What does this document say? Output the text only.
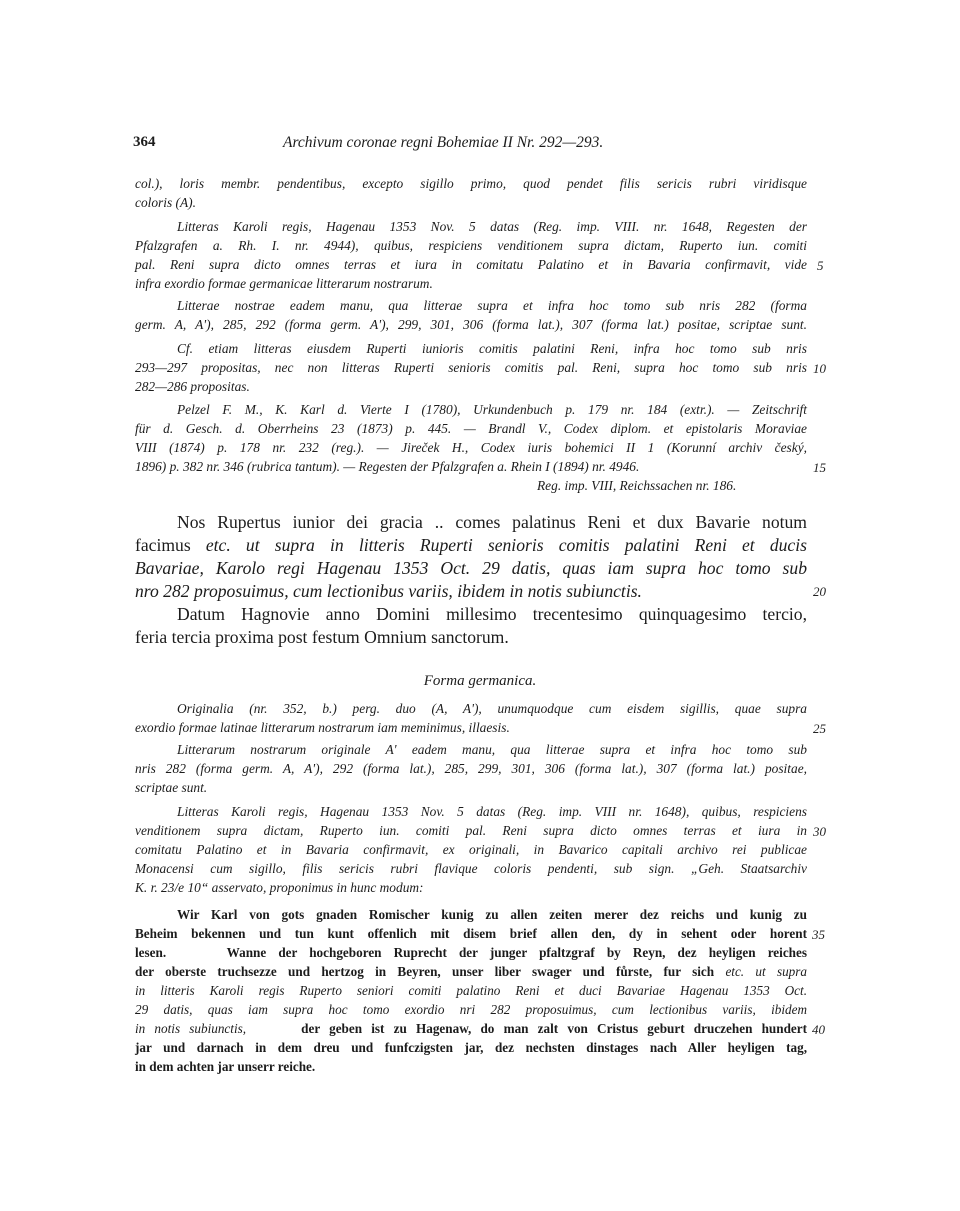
364	Archivum coronae regni Bohemiae II Nr. 292—293.
col.), loris membr. pendentibus, excepto sigillo primo, quod pendet filis sericis rubri viridisque
coloris (A).
Litteras Karoli regis, Hagenau 1353 Nov. 5 datas (Reg. imp. VIII. nr. 1648, Regesten der
Pfalzgrafen a. Rh. I. nr. 4944), quibus, respiciens venditionem supra dictam, Ruperto iun. comiti
pal. Reni supra dicto omnes terras et iura in comitatu Palatino et in Bavaria confirmavit, vide
infra exordio formae germanicae litterarum nostrarum.
Litterae nostrae eadem manu, qua litterae supra et infra hoc tomo sub nris 282 (forma
germ. A, A'), 285, 292 (forma germ. A'), 299, 301, 306 (forma lat.), 307 (forma lat.) positae, scriptae sunt.
Cf. etiam litteras eiusdem Ruperti iunioris comitis palatini Reni, infra hoc tomo sub nris
293—297 propositas, nec non litteras Ruperti senioris comitis pal. Reni, supra hoc tomo sub nris
282—286 propositas.
Pelzel F. M., K. Karl d. Vierte I (1780), Urkundenbuch p. 179 nr. 184 (extr.). — Zeitschrift
für d. Gesch. d. Oberrheins 23 (1873) p. 445. — Brandl V., Codex diplom. et epistolaris Moraviae
VIII (1874) p. 178 nr. 232 (reg.). — Jireček H., Codex iuris bohemici II 1 (Korunní archiv český,
1896) p. 382 nr. 346 (rubrica tantum). — Regesten der Pfalzgrafen a. Rhein I (1894) nr. 4946.
Reg. imp. VIII, Reichssachen nr. 186.
Nos Rupertus iunior dei gracia .. comes palatinus Reni et dux Bavarie notum
facimus etc. ut supra in litteris Ruperti senioris comitis palatini Reni et ducis
Bavariae, Karolo regi Hagenau 1353 Oct. 29 datis, quas iam supra hoc tomo sub
nro 282 proposuimus, cum lectionibus variis, ibidem in notis subiunctis.
Datum Hagnovie anno Domini millesimo trecentesimo quinquagesimo tercio,
feria tercia proxima post festum Omnium sanctorum.
Forma germanica.
Originalia (nr. 352, b.) perg. duo (A, A'), unumquodque cum eisdem sigillis, quae supra
exordio formae latinae litterarum nostrarum iam meminimus, illaesis.
Litterarum nostrarum originale A' eadem manu, qua litterae supra et infra hoc tomo sub
nris 282 (forma germ. A, A'), 292 (forma lat.), 285, 299, 301, 306 (forma lat.), 307 (forma lat.) positae,
scriptae sunt.
Litteras Karoli regis, Hagenau 1353 Nov. 5 datas (Reg. imp. VIII nr. 1648), quibus, respiciens
venditionem supra dictam, Ruperto iun. comiti pal. Reni supra dicto omnes terras et iura in
comitatu Palatino et in Bavaria confirmavit, ex originali, in Bavarico capitali archivo rei publicae
Monacensi cum sigillo, filis sericis rubri flavique coloris pendenti, sub sign. „Geh. Staatsarchiv
K. r. 23/e 10“ asservato, proponimus in hunc modum:
Wir Karl von gots gnaden Romischer kunig zu allen zeiten merer dez reichs und kunig zu
Beheim bekennen und tun kunt offenlich mit disem brief allen den, dy in sehent oder horent
lesen.	Wanne der hochgeboren Ruprecht der junger pfaltzgraf by Reyn, dez heyligen reiches
der oberste truchsezze und hertzog in Beyren, unser liber swager und fůrste, fur sich etc. ut supra
in litteris Karoli regis Ruperto seniori comiti palatino Reni et duci Bavariae Hagenau 1353 Oct.
29 datis, quas iam supra hoc tomo exordio nri 282 proposuimus, cum lectionibus variis, ibidem
in notis subiunctis,	der geben ist zu Hagenaw, do man zalt von Cristus geburt druczehen hundert
jar und darnach in dem dreu und funfczigsten jar, dez nechsten dinstages nach Aller heyligen tag,
in dem achten jar unserr reiche.
5
10
15
20
25
30
35
40
